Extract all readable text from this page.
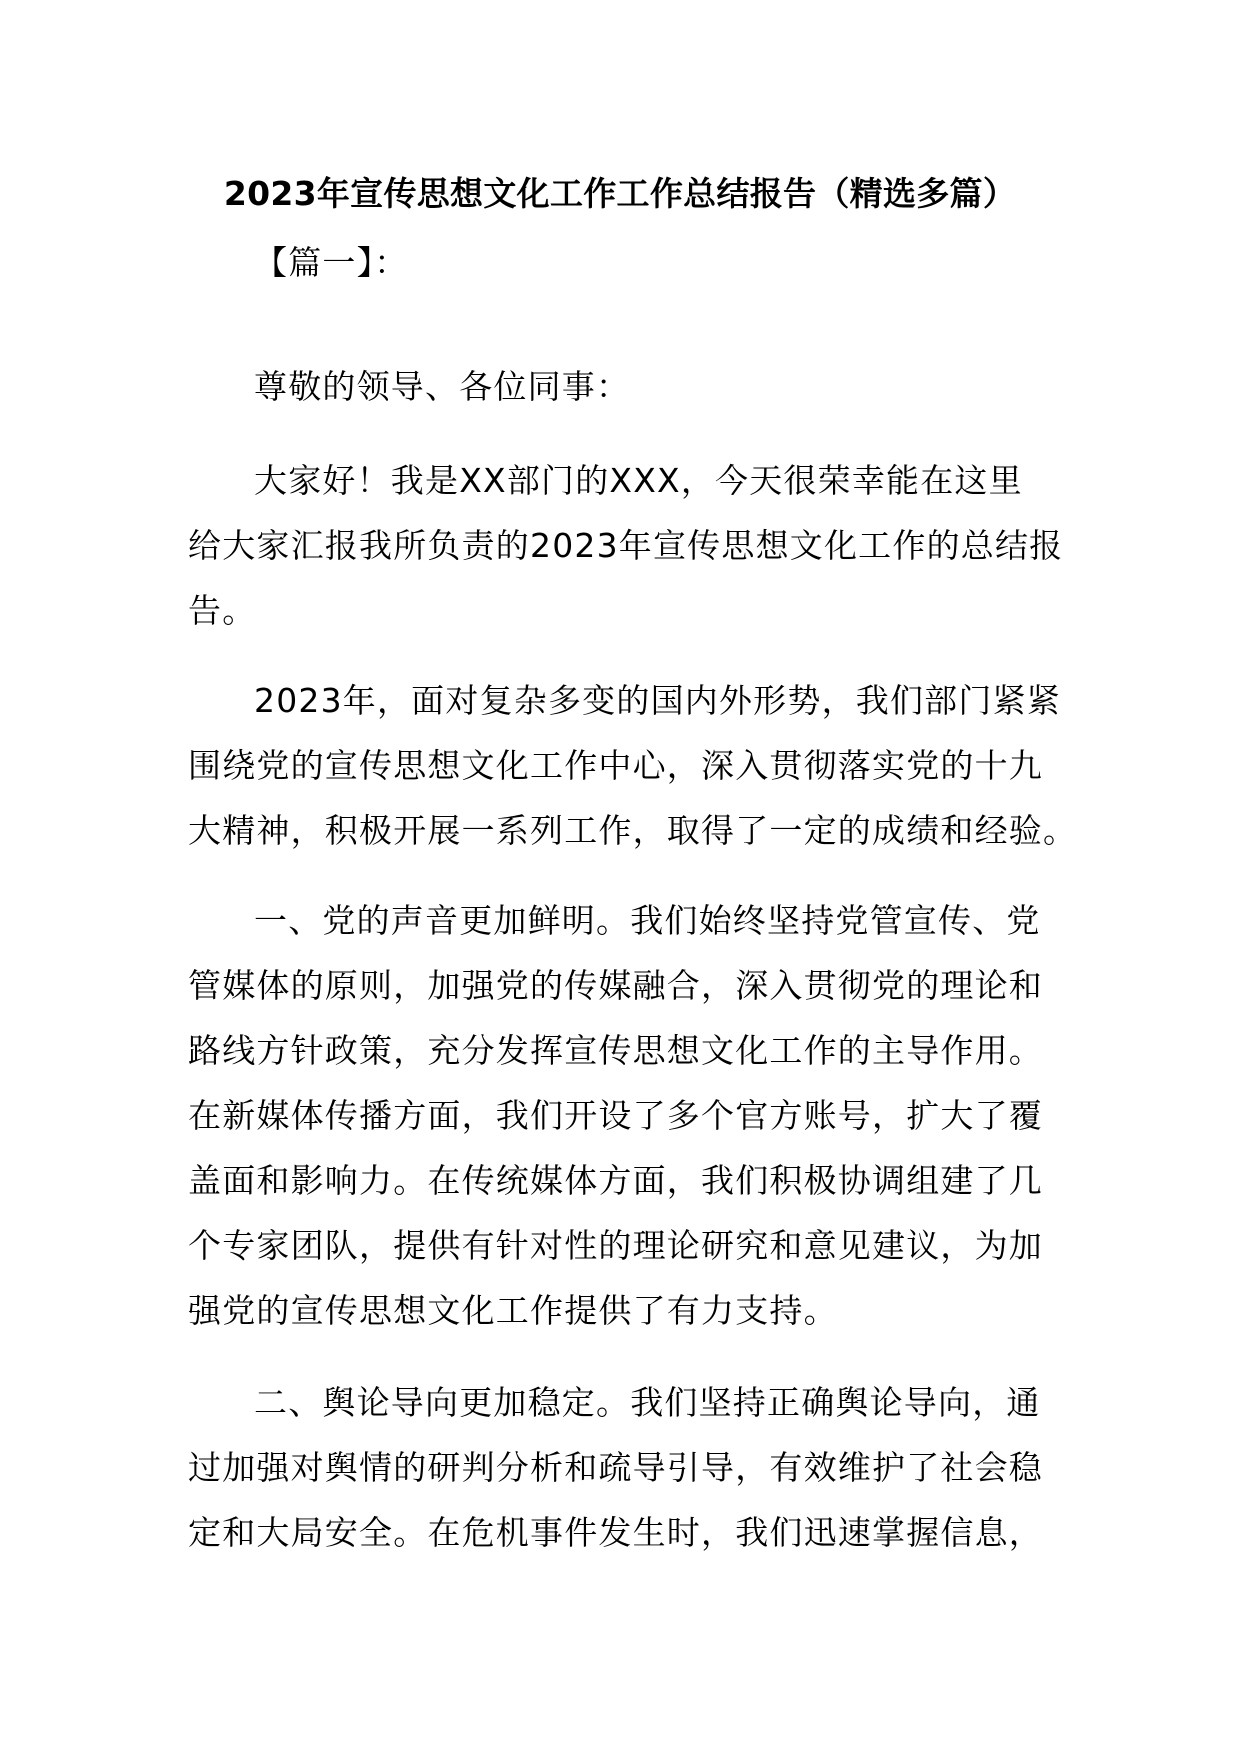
2023年宣传思想文化工作工作总结报告（精选多篇）
【篇一】：
尊敬的领导、各位同事：
大家好！我是XX部门的XXX，今天很荣幸能在这里
给大家汇报我所负责的2023年宣传思想文化工作的总结报
告。
2023年，面对复杂多变的国内外形势，我们部门紧紧
围绕党的宣传思想文化工作中心，深入贯彻落实党的十九
大精神，积极开展一系列工作，取得了一定的成绩和经验。
一、党的声音更加鲜明。我们始终坚持党管宣传、党
管媒体的原则，加强党的传媒融合，深入贯彻党的理论和
路线方针政策，充分发挥宣传思想文化工作的主导作用。
在新媒体传播方面，我们开设了多个官方账号，扩大了覆
盖面和影响力。在传统媒体方面，我们积极协调组建了几
个专家团队，提供有针对性的理论研究和意见建议，为加
强党的宣传思想文化工作提供了有力支持。
二、舆论导向更加稳定。我们坚持正确舆论导向，通
过加强对舆情的研判分析和疏导引导，有效维护了社会稳
定和大局安全。在危机事件发生时，我们迅速掌握信息，
